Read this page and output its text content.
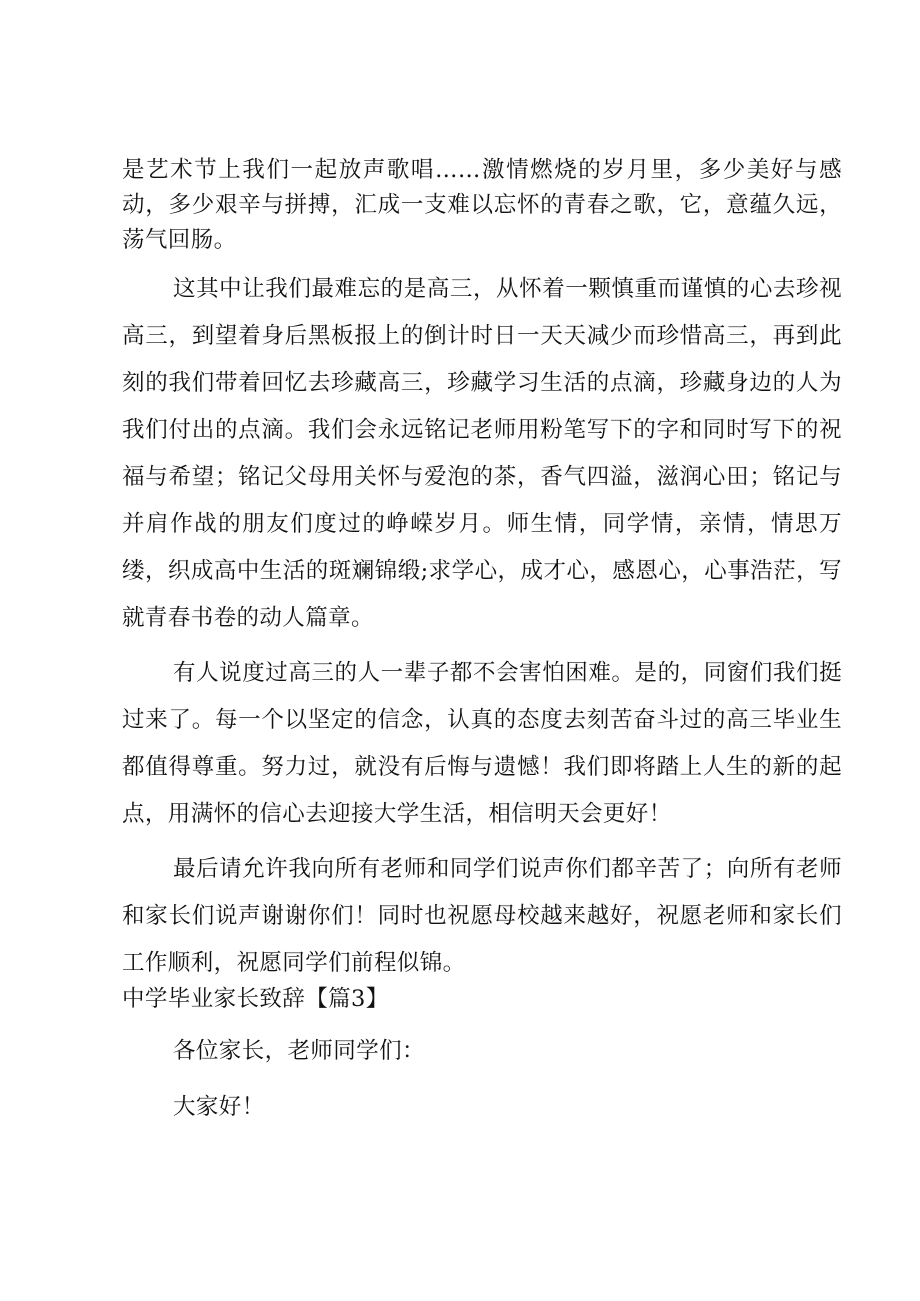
是艺术节上我们一起放声歌唱……激情燃烧的岁月里，多少美好与感动，多少艰辛与拼搏，汇成一支难以忘怀的青春之歌，它，意蕴久远，荡气回肠。

这其中让我们最难忘的是高三，从怀着一颗慎重而谨慎的心去珍视高三，到望着身后黑板报上的倒计时日一天天减少而珍惜高三，再到此刻的我们带着回忆去珍藏高三，珍藏学习生活的点滴，珍藏身边的人为我们付出的点滴。我们会永远铭记老师用粉笔写下的字和同时写下的祝福与希望；铭记父母用关怀与爱泡的茶，香气四溢，滋润心田；铭记与并肩作战的朋友们度过的峥嵘岁月。师生情，同学情，亲情，情思万缕，织成高中生活的斑斓锦缎;求学心，成才心，感恩心，心事浩茫，写就青春书卷的动人篇章。

有人说度过高三的人一辈子都不会害怕困难。是的，同窗们我们挺过来了。每一个以坚定的信念，认真的态度去刻苦奋斗过的高三毕业生都值得尊重。努力过，就没有后悔与遗憾！我们即将踏上人生的新的起点，用满怀的信心去迎接大学生活，相信明天会更好！

最后请允许我向所有老师和同学们说声你们都辛苦了；向所有老师和家长们说声谢谢你们！同时也祝愿母校越来越好，祝愿老师和家长们工作顺利，祝愿同学们前程似锦。

中学毕业家长致辞【篇3】

各位家长，老师同学们：

大家好！
